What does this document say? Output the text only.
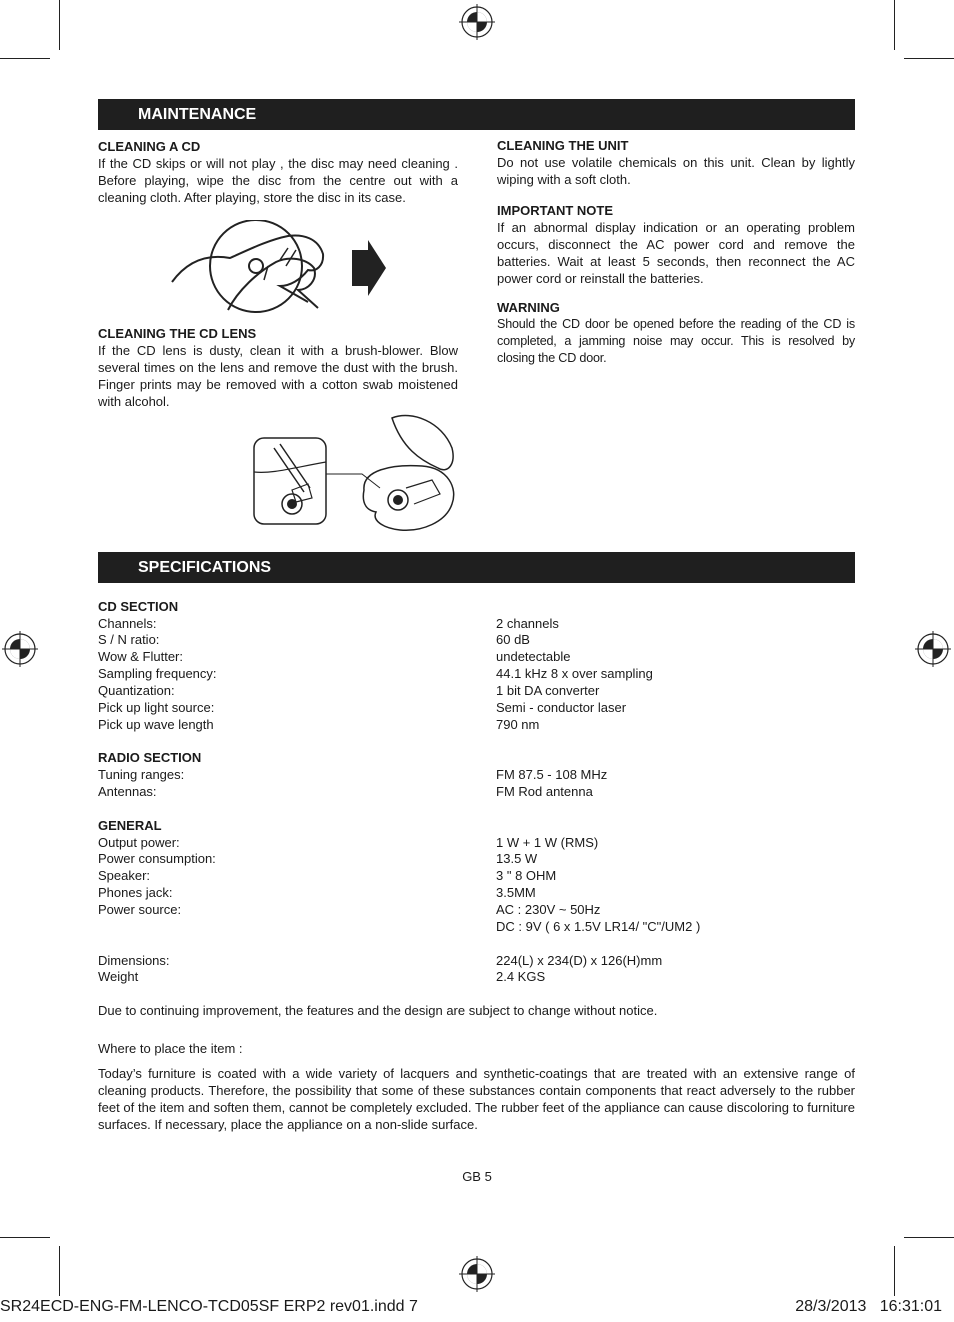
MAINTENANCE
CLEANING A CD
If the CD skips or will not play , the disc may need cleaning . Before playing, wipe the disc from the centre out with a cleaning cloth. After playing, store the disc in its case.
CLEANING THE CD LENS
If the CD lens is dusty, clean it with a brush-blower. Blow several times on the lens and remove the dust with the brush. Finger prints may be removed with a cotton swab moistened with alcohol.
CLEANING THE UNIT
Do not use volatile chemicals on this unit. Clean by lightly wiping with a soft cloth.
IMPORTANT NOTE
If an abnormal display indication or an operating problem occurs, disconnect the AC power cord and remove the batteries. Wait at least 5 seconds, then reconnect the AC power cord or reinstall the batteries.
WARNING
Should the CD door be opened before the reading of the CD is completed, a jamming noise may occur. This is resolved by closing the CD door.
SPECIFICATIONS
CD SECTION
Channels:	2 channels
S / N ratio:	60 dB
Wow & Flutter:	undetectable
Sampling frequency:	44.1 kHz 8 x over sampling
Quantization:	1 bit DA converter
Pick up light source:	Semi - conductor laser
Pick up wave length	790 nm
RADIO SECTION
Tuning ranges:	FM 87.5 - 108 MHz
Antennas:	FM Rod antenna
GENERAL
Output power:	1 W + 1 W (RMS)
Power consumption:	13.5 W
Speaker:	3 " 8 OHM
Phones jack:	3.5MM
Power source:	AC : 230V ~ 50Hz
DC : 9V ( 6 x 1.5V LR14/ "C"/UM2 )
Dimensions:	224(L) x 234(D) x 126(H)mm
Weight	2.4 KGS
Due to continuing improvement, the features and the design are subject to change without notice.
Where to place the item :
Today’s furniture is coated with a wide variety of lacquers and synthetic-coatings that are treated with an extensive range of cleaning products. Therefore, the possibility that some of these substances contain components that react adversely to the rubber feet of the item and soften them, cannot be completely excluded. The rubber feet of the appliance can cause discoloring to furniture surfaces. If necessary, place the appliance on a non-slide surface.
GB 5
SR24ECD-ENG-FM-LENCO-TCD05SF ERP2 rev01.indd 7	28/3/2013   16:31:01
